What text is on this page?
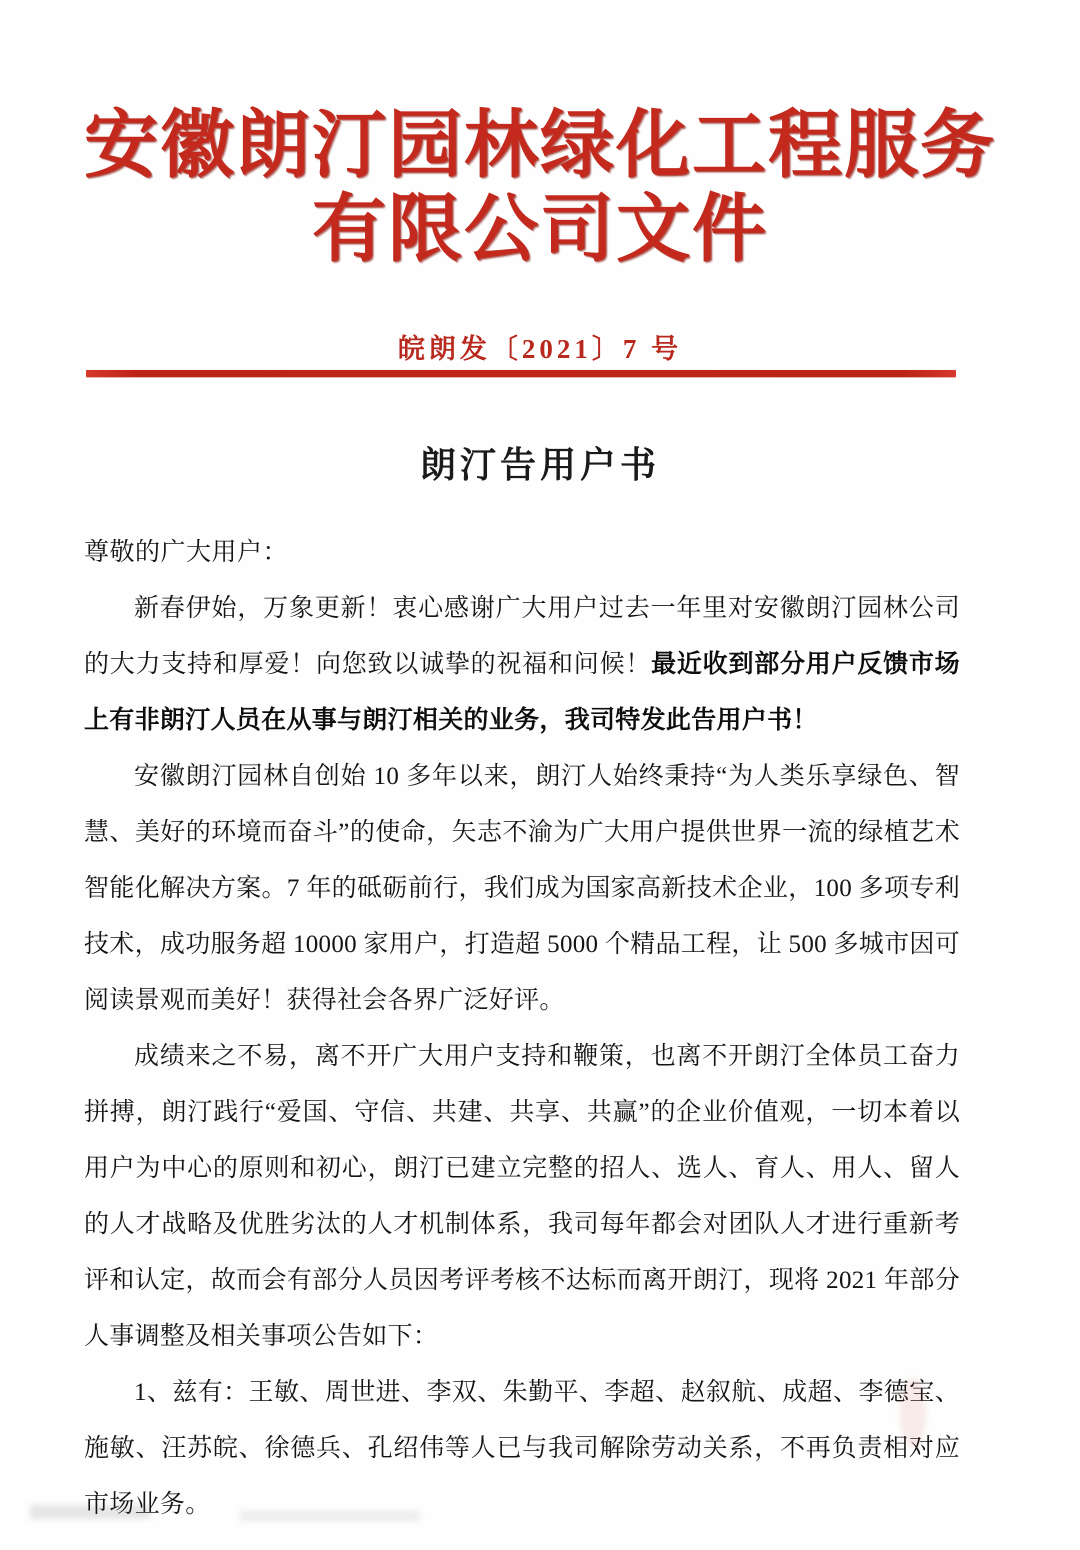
安徽朗汀园林绿化工程服务有限公司文件
皖朗发〔2021〕7 号
朗汀告用户书
尊敬的广大用户：

新春伊始，万象更新！衷心感谢广大用户过去一年里对安徽朗汀园林公司的大力支持和厚爱！向您致以诚挚的祝福和问候！最近收到部分用户反馈市场上有非朗汀人员在从事与朗汀相关的业务，我司特发此告用户书！

安徽朗汀园林自创始 10 多年以来，朗汀人始终秉持“为人类乐享绿色、智慧、美好的环境而奋斗”的使命，矢志不渝为广大用户提供世界一流的绿植艺术智能化解决方案。7 年的砥砺前行，我们成为国家高新技术企业，100 多项专利技术，成功服务超 10000 家用户，打造超 5000 个精品工程，让 500 多城市因可阅读景观而美好！获得社会各界广泛好评。

成绩来之不易，离不开广大用户支持和鞭策，也离不开朗汀全体员工奋力拼搏，朗汀践行“爱国、守信、共建、共享、共赢”的企业价值观，一切本着以用户为中心的原则和初心，朗汀已建立完整的招人、选人、育人、用人、留人的人才战略及优胜劣汰的人才机制体系，我司每年都会对团队人才进行重新考评和认定，故而会有部分人员因考评考核不达标而离开朗汀，现将 2021 年部分人事调整及相关事项公告如下：

1、兹有：王敏、周世进、李双、朱勤平、李超、赵叙航、成超、李德宝、施敏、汪苏皖、徐德兵、孔绍伟等人已与我司解除劳动关系，不再负责相对应市场业务。
